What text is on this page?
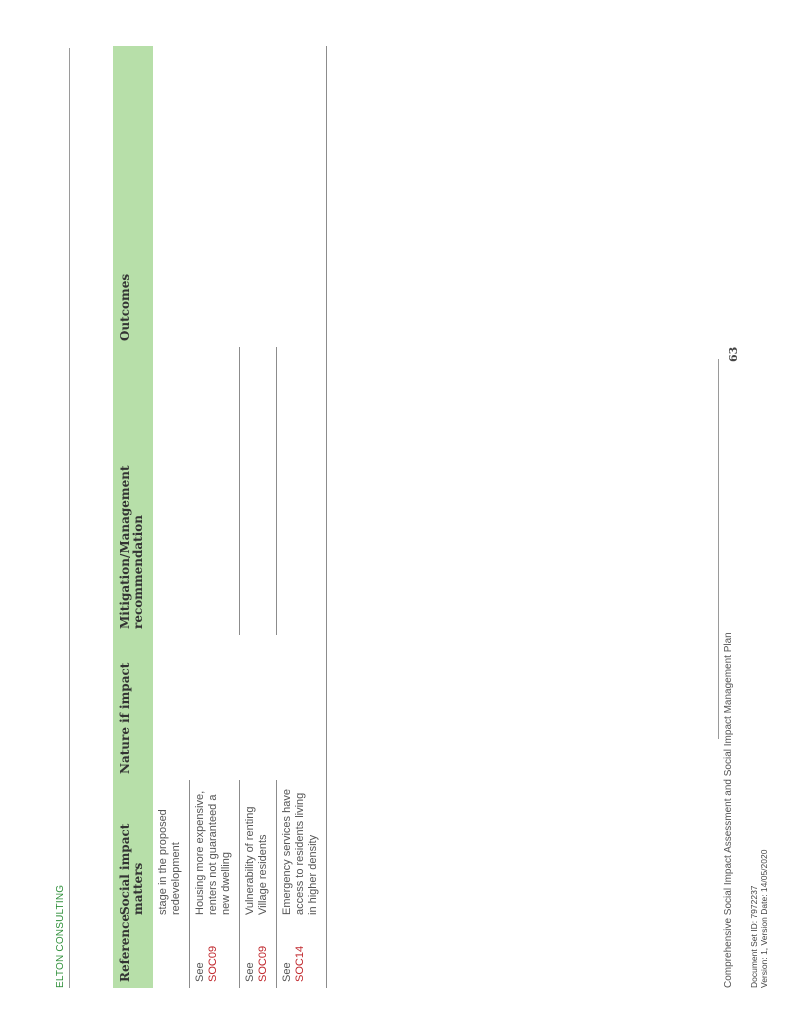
ELTON CONSULTING	Reference	Social impact matters	Nature if impact	Mitigation/Management recommendation	Outcomes
	stage in the proposed redevelopment			
See SOC09	Housing more expensive, renters not guaranteed a new dwelling			
See SOC09	Vulnerability of renting Village residents			
See SOC14	Emergency services have access to residents living in higher density				Comprehensive Social Impact Assessment and Social Impact Management Plan
63
Document Set ID: 7972237 Version: 1, Version Date: 14/05/2020
